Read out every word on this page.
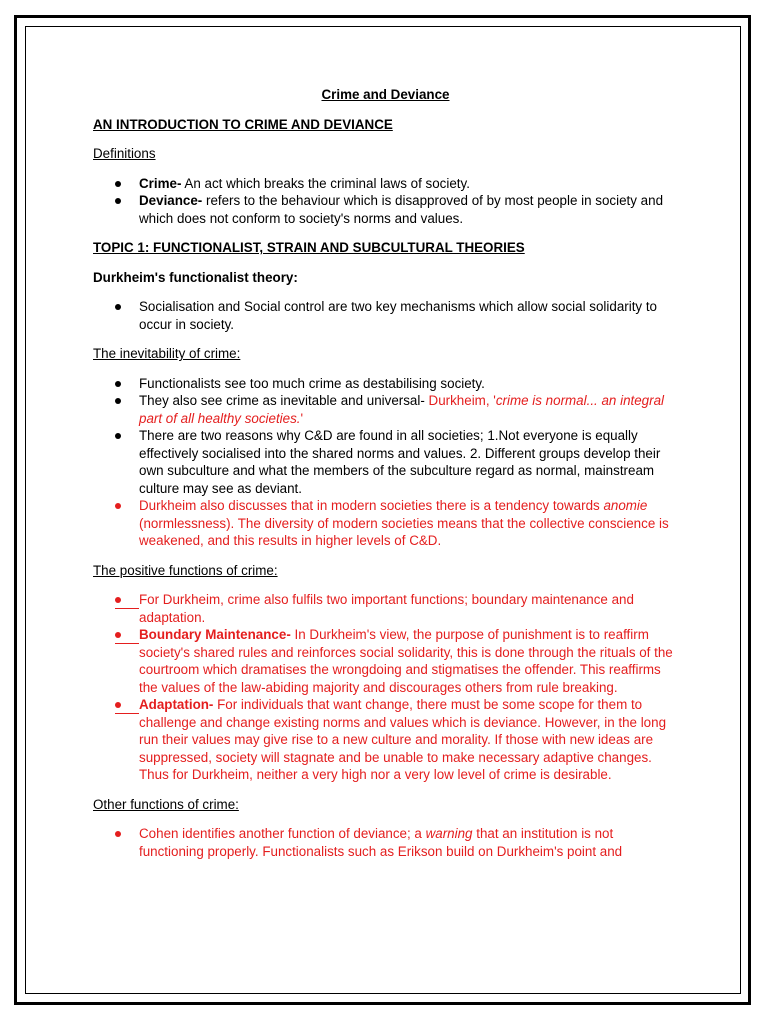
Crime and Deviance

AN INTRODUCTION TO CRIME AND DEVIANCE

Definitions

Crime- An act which breaks the criminal laws of society.
Deviance- refers to the behaviour which is disapproved of by most people in society and which does not conform to society's norms and values.

TOPIC 1: FUNCTIONALIST, STRAIN AND SUBCULTURAL THEORIES

Durkheim's functionalist theory:

Socialisation and Social control are two key mechanisms which allow social solidarity to occur in society.

The inevitability of crime:

Functionalists see too much crime as destabilising society.
They also see crime as inevitable and universal- Durkheim, 'crime is normal... an integral part of all healthy societies.'
There are two reasons why C&D are found in all societies; 1.Not everyone is equally effectively socialised into the shared norms and values. 2. Different groups develop their own subculture and what the members of the subculture regard as normal, mainstream culture may see as deviant.
Durkheim also discusses that in modern societies there is a tendency towards anomie (normlessness). The diversity of modern societies means that the collective conscience is weakened, and this results in higher levels of C&D.

The positive functions of crime:

For Durkheim, crime also fulfils two important functions; boundary maintenance and adaptation.
Boundary Maintenance- In Durkheim's view, the purpose of punishment is to reaffirm society's shared rules and reinforces social solidarity, this is done through the rituals of the courtroom which dramatises the wrongdoing and stigmatises the offender. This reaffirms the values of the law-abiding majority and discourages others from rule breaking.
Adaptation- For individuals that want change, there must be some scope for them to challenge and change existing norms and values which is deviance. However, in the long run their values may give rise to a new culture and morality. If those with new ideas are suppressed, society will stagnate and be unable to make necessary adaptive changes. Thus for Durkheim, neither a very high nor a very low level of crime is desirable.

Other functions of crime:

Cohen identifies another function of deviance; a warning that an institution is not functioning properly. Functionalists such as Erikson build on Durkheim's point and
